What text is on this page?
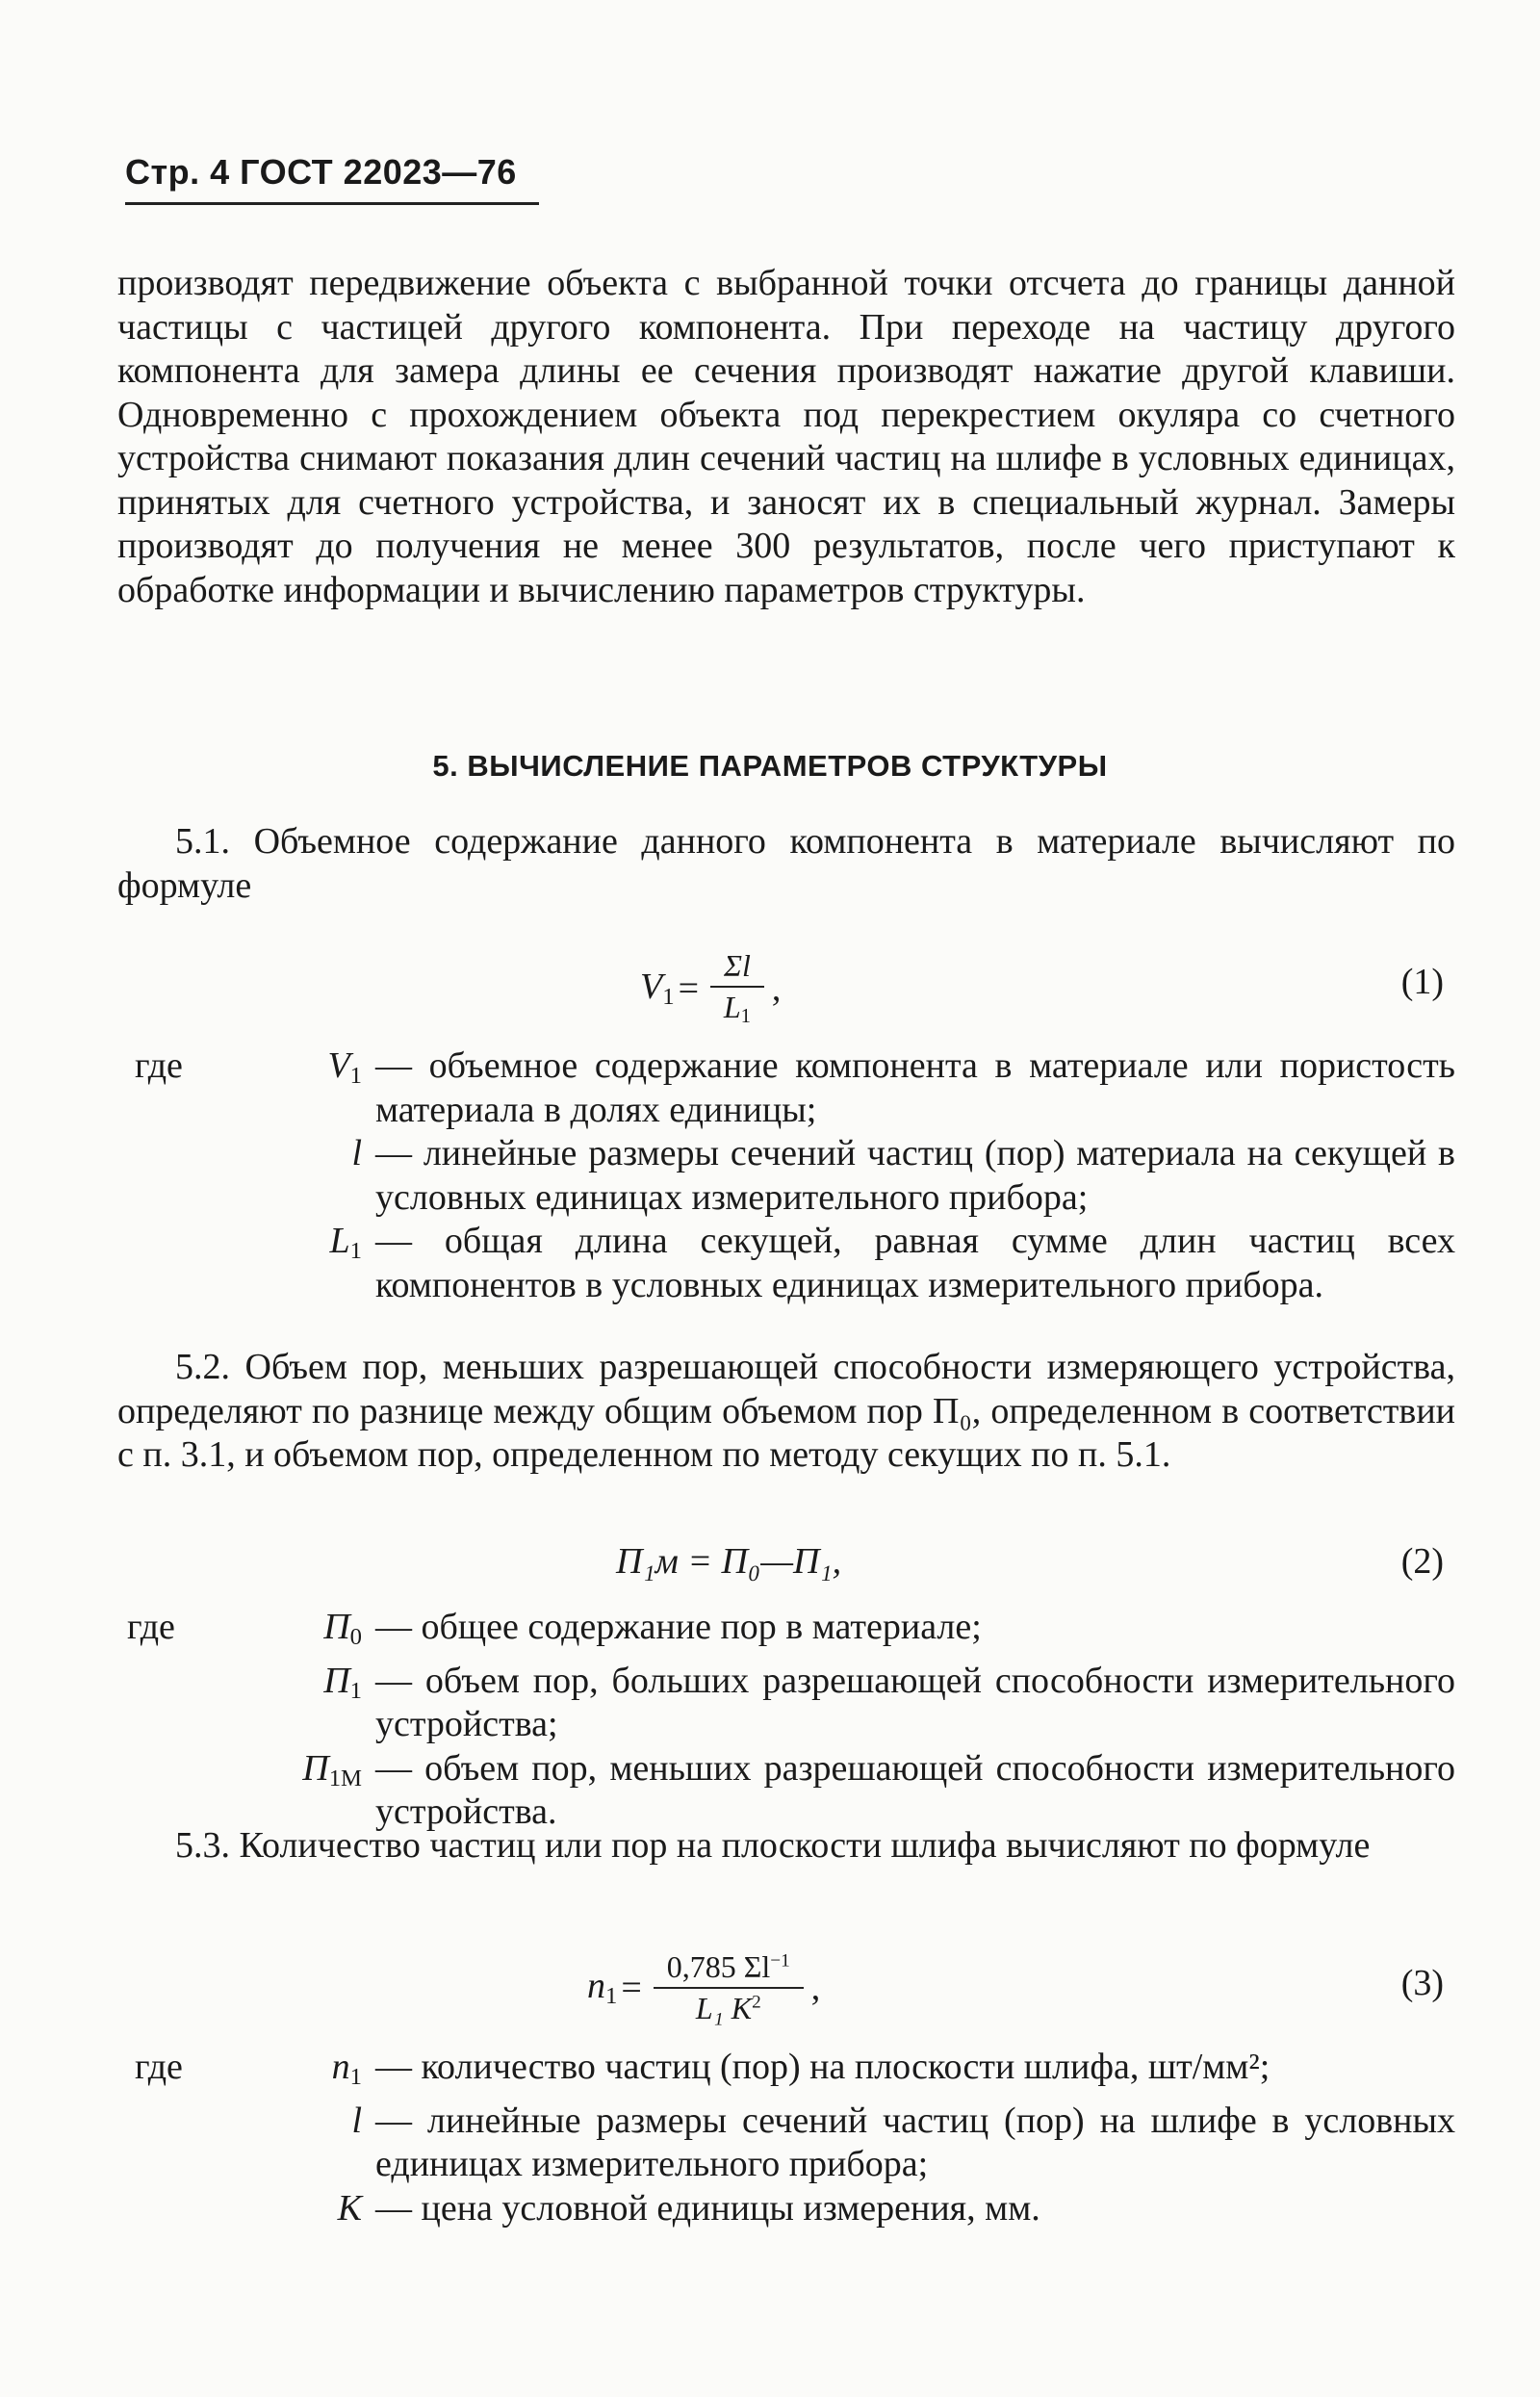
Стр. 4 ГОСТ 22023—76

производят передвижение объекта с выбранной точки отсчета до границы данной частицы с частицей другого компонента. При переходе на частицу другого компонента для замера длины ее сечения производят нажатие другой клавиши. Одновременно с прохождением объекта под перекрестием окуляра со счетного устройства снимают показания длин сечений частиц на шлифе в условных единицах, принятых для счетного устройства, и заносят их в специальный журнал. Замеры производят до получения не менее 300 результатов, после чего приступают к обработке информации и вычислению параметров структуры.

5. ВЫЧИСЛЕНИЕ ПАРАМЕТРОВ СТРУКТУРЫ

5.1. Объемное содержание данного компонента в материале вычисляют по формуле

$V_1 = \frac{\Sigma l}{L_1}$ ,	(1)
где	$V_1$ — объемное содержание компонента в материале или пористость материала в долях единицы;
l — линейные размеры сечений частиц (пор) материала на секущей в условных единицах измерительного прибора;
$L_1$ — общая длина секущей, равная сумме длин частиц всех компонентов в условных единицах измерительного прибора.

5.2. Объем пор, меньших разрешающей способности измеряющего устройства, определяют по разнице между общим объемом пор П₀, определенном в соответствии с п. 3.1, и объемом пор, определенном по методу секущих по п. 5.1.

П₁м = П₀—П₁,	(2)
где	$П_0$ — общее содержание пор в материале;
$П_1$ — объем пор, больших разрешающей способности измерительного устройства;
$П_{1М}$ — объем пор, меньших разрешающей способности измерительного устройства.

5.3. Количество частиц или пор на плоскости шлифа вычисляют по формуле

$n_1 = \frac{0,785 \Sigma l^{-1}}{L_1 K^2}$ ,	(3)
где	$n_1$ — количество частиц (пор) на плоскости шлифа, шт/мм²;
l — линейные размеры сечений частиц (пор) на шлифе в условных единицах измерительного прибора;
K — цена условной единицы измерения, мм.
